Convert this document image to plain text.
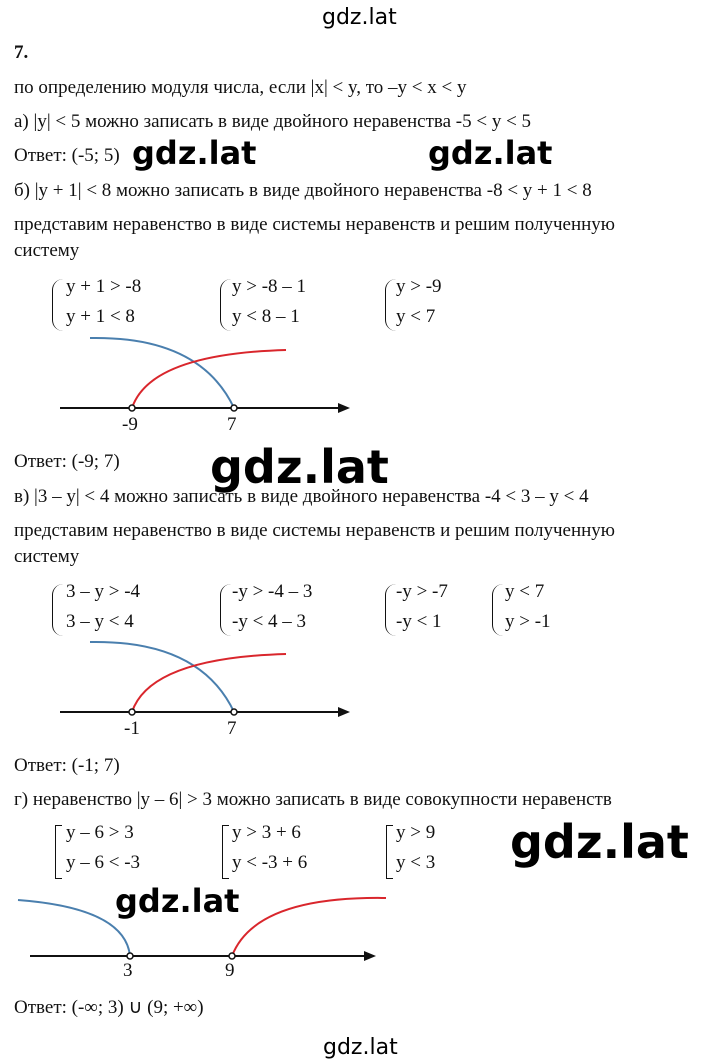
gdz.lat
gdz.lat	gdz.lat
gdz.lat
gdz.lat
gdz.lat
gdz.lat
7.
по определению модуля числа, если |x| < y, то –y < x < y
а) |y| < 5 можно записать в виде двойного неравенства -5 < y < 5
Ответ: (-5; 5)
б) |y + 1| < 8 можно записать в виде двойного неравенства -8 < y + 1 < 8
представим неравенство в виде системы неравенств и решим полученную
систему
y + 1 > -8
y + 1 < 8
y > -8 – 1
y < 8 – 1
y > -9
y < 7
-9	7
Ответ: (-9; 7)
в) |3 – y| < 4 можно записать в виде двойного неравенства -4 < 3 – y < 4
представим неравенство в виде системы неравенств и решим полученную
систему
3 – y > -4
3 – y < 4
-y > -4 – 3
-y < 4 – 3
-y > -7
-y < 1
y < 7
y > -1
-1	7
Ответ: (-1; 7)
г) неравенство |y – 6| > 3 можно записать в виде совокупности неравенств
y – 6 > 3
y – 6 < -3
y > 3 + 6
y < -3 + 6
y > 9
y < 3
3	9
Ответ: (-∞; 3) ∪ (9; +∞)
